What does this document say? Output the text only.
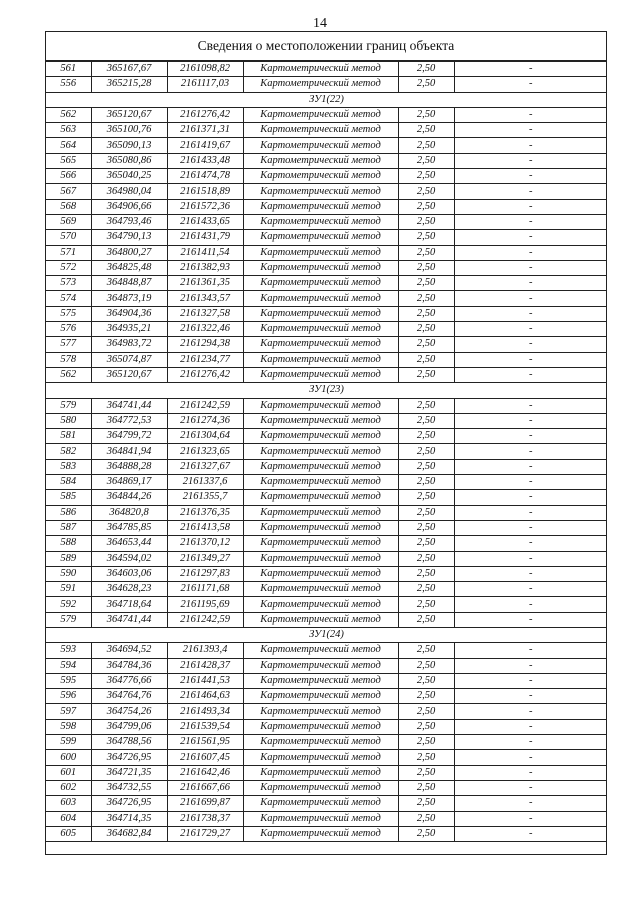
14
Сведения о местоположении границ объекта
561	365167,67	2161098,82	Картометрический метод	2,50	-
556	365215,28	2161117,03	Картометрический метод	2,50	-
ЗУ1(22)					
562	365120,67	2161276,42	Картометрический метод	2,50	-
563	365100,76	2161371,31	Картометрический метод	2,50	-
564	365090,13	2161419,67	Картометрический метод	2,50	-
565	365080,86	2161433,48	Картометрический метод	2,50	-
566	365040,25	2161474,78	Картометрический метод	2,50	-
567	364980,04	2161518,89	Картометрический метод	2,50	-
568	364906,66	2161572,36	Картометрический метод	2,50	-
569	364793,46	2161433,65	Картометрический метод	2,50	-
570	364790,13	2161431,79	Картометрический метод	2,50	-
571	364800,27	2161411,54	Картометрический метод	2,50	-
572	364825,48	2161382,93	Картометрический метод	2,50	-
573	364848,87	2161361,35	Картометрический метод	2,50	-
574	364873,19	2161343,57	Картометрический метод	2,50	-
575	364904,36	2161327,58	Картометрический метод	2,50	-
576	364935,21	2161322,46	Картометрический метод	2,50	-
577	364983,72	2161294,38	Картометрический метод	2,50	-
578	365074,87	2161234,77	Картометрический метод	2,50	-
562	365120,67	2161276,42	Картометрический метод	2,50	-
ЗУ1(23)					
579	364741,44	2161242,59	Картометрический метод	2,50	-
580	364772,53	2161274,36	Картометрический метод	2,50	-
581	364799,72	2161304,64	Картометрический метод	2,50	-
582	364841,94	2161323,65	Картометрический метод	2,50	-
583	364888,28	2161327,67	Картометрический метод	2,50	-
584	364869,17	2161337,6	Картометрический метод	2,50	-
585	364844,26	2161355,7	Картометрический метод	2,50	-
586	364820,8	2161376,35	Картометрический метод	2,50	-
587	364785,85	2161413,58	Картометрический метод	2,50	-
588	364653,44	2161370,12	Картометрический метод	2,50	-
589	364594,02	2161349,27	Картометрический метод	2,50	-
590	364603,06	2161297,83	Картометрический метод	2,50	-
591	364628,23	2161171,68	Картометрический метод	2,50	-
592	364718,64	2161195,69	Картометрический метод	2,50	-
579	364741,44	2161242,59	Картометрический метод	2,50	-
ЗУ1(24)					
593	364694,52	2161393,4	Картометрический метод	2,50	-
594	364784,36	2161428,37	Картометрический метод	2,50	-
595	364776,66	2161441,53	Картометрический метод	2,50	-
596	364764,76	2161464,63	Картометрический метод	2,50	-
597	364754,26	2161493,34	Картометрический метод	2,50	-
598	364799,06	2161539,54	Картометрический метод	2,50	-
599	364788,56	2161561,95	Картометрический метод	2,50	-
600	364726,95	2161607,45	Картометрический метод	2,50	-
601	364721,35	2161642,46	Картометрический метод	2,50	-
602	364732,55	2161667,66	Картометрический метод	2,50	-
603	364726,95	2161699,87	Картометрический метод	2,50	-
604	364714,35	2161738,37	Картометрический метод	2,50	-
605	364682,84	2161729,27	Картометрический метод	2,50	-
